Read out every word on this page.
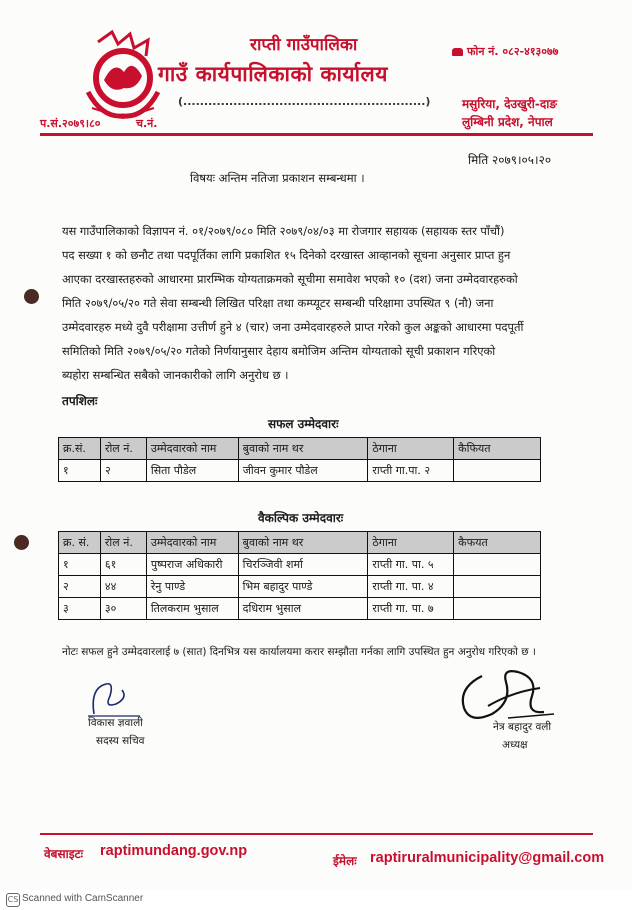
राप्ती गाउँपालिका
गाउँ कार्यपालिकाको कार्यालय
फोन नं. ०८२-४१३०७७
(..........................................................)	मसुरिया, देउखुरी-दाङ
लुम्बिनी प्रदेश, नेपाल
प.सं.२०७९।८०	च.नं.
मिति २०७९।०५।२०
विषयः अन्तिम नतिजा प्रकाशन सम्बन्धमा ।
यस गाउँपालिकाको विज्ञापन नं. ०१/२०७९/०८० मिति २०७९/०४/०३ मा रोजगार सहायक (सहायक स्तर पाँचौं)
पद सख्या १ को छनौट तथा पदपूर्तिका लागि प्रकाशित १५ दिनेको दरखास्त आव्हानको सूचना अनुसार प्राप्त हुन
आएका दरखास्तहरुको आधारमा प्रारम्भिक योग्यताक्रमको सूचीमा समावेश भएको १० (दश) जना उम्मेदवारहरुको
मिति २०७९/०५/२० गते सेवा सम्बन्धी लिखित परिक्षा तथा कम्प्यूटर सम्बन्धी परिक्षामा उपस्थित ९ (नौ) जना
उम्मेदवारहरु मध्ये दुवै परीक्षामा उत्तीर्ण हुने ४ (चार) जना उम्मेदवारहरुले प्राप्त गरेको कुल अङ्कको आधारमा पदपूर्ती
समितिको मिति २०७९/०५/२० गतेको निर्णयानुसार देहाय बमोजिम अन्तिम योग्यताको सूची प्रकाशन गरिएको
ब्यहोरा सम्बन्धित सबैको जानकारीको लागि अनुरोध छ ।
तपशिलः
सफल उम्मेदवारः
क्र.सं.	रोल नं.	उम्मेदवारको नाम	बुवाको नाम थर	ठेगाना	कैफियत
१	२	सिता पौडेल	जीवन कुमार पौडेल	राप्ती गा.पा. २	
वैकल्पिक उम्मेदवारः
क्र. सं.	रोल नं.	उम्मेदवारको नाम	बुवाको नाम थर	ठेगाना	कैफयत
१	६१	पुष्पराज अधिकारी	चिरञ्जिवी शर्मा	राप्ती गा. पा. ५	
२	४४	रेनु पाण्डे	भिम बहादुर पाण्डे	राप्ती गा. पा. ४	
३	३०	तिलकराम भुसाल	दधिराम भुसाल	राप्ती गा. पा. ७	
नोटः सफल हुने उम्मेदवारलाई ७ (सात) दिनभित्र यस कार्यालयमा करार सम्झौता गर्नका लागि उपस्थित हुन अनुरोध गरिएको छ ।
विकास ज्ञवाली
सदस्य सचिव
नेत्र बहादुर वली
अध्यक्ष
वेबसाइटः raptimundang.gov.np
ईमेलः raptiruralmunicipality@gmail.com
CS Scanned with CamScanner
